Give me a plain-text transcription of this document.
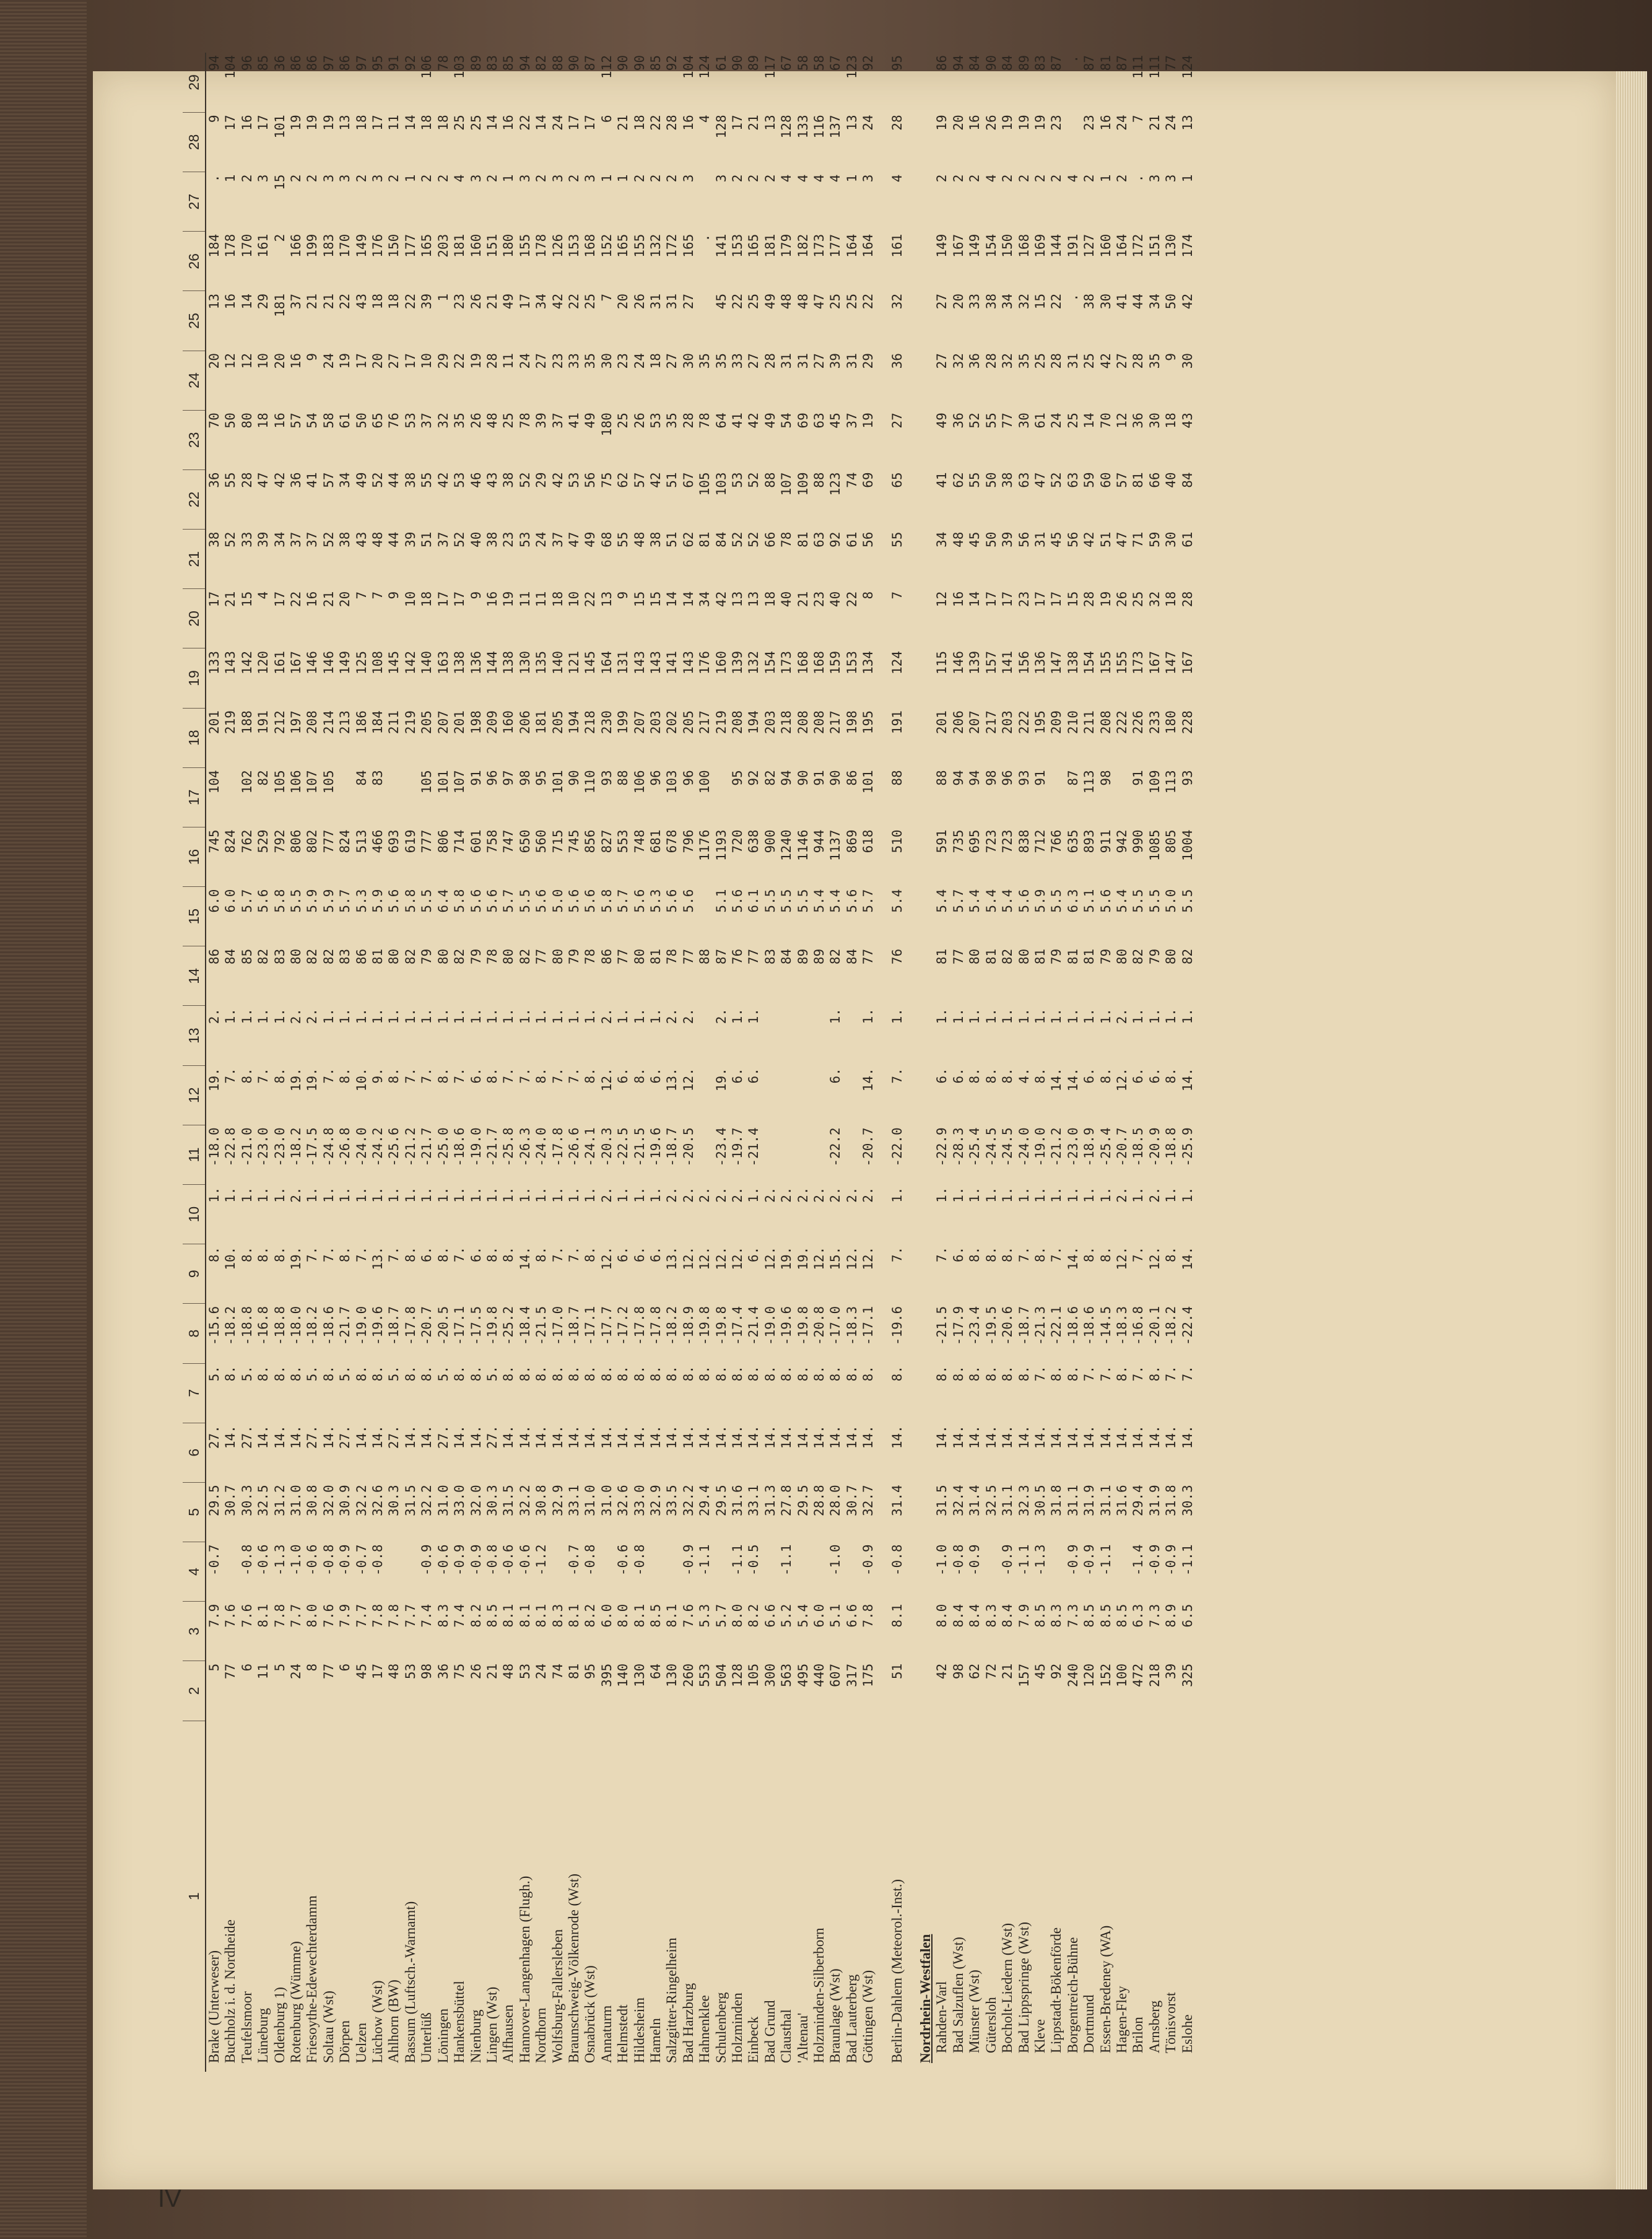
1	2	3	4	5	6	7	8	9	10	11	12	13	14	15	16	17	18	19	20	21	22	23	24	25	26	27	28	29
Brake (Unterweser)	5	7.9	-0.7	29.5	27.	5.	-15.6	8.	1.	-18.0	19.	2.	86	6.0	745	104	201	133	17	38	36	70	20	13	184	.	9	94
Buchholz i. d. Nordheide	77	7.6		30.7	14.	8.	-18.2	10.	1.	-22.8	7.	1.	84	6.0	824		219	143	21	52	55	50	12	16	178	1	17	104
Teufelsmoor	6	7.6	-0.8	30.3	27.	5.	-18.8	8.	1.	-21.0	8.	1.	85	5.7	762	102	188	142	15	33	28	80	12	14	170	2	16	96
Lüneburg	11	8.1	-0.6	32.5	14.	8.	-16.8	8.	1.	-23.0	7.	1.	82	5.6	529	82	191	120	4	39	47	18	10	29	161	3	17	85
Oldenburg 1)	5	7.8	-1.3	31.2	14.	8.	-18.8	8.	1.	-23.0	8.	1.	83	5.8	792	105	212	161	17	34	42	16	20	181	2	15	101	36
Rotenburg (Wümme)	24	7.7	-1.0	31.0	14.	8.	-18.0	19.	2.	-18.2	19.	2.	80	5.5	806	106	197	167	22	37	36	57	16	37	166	2	19	86
Friesoythe-Edewechterdamm	8	8.0	-0.6	30.8	27.	5.	-18.2	7.	1.	-17.5	19.	2.	82	5.9	802	107	208	146	16	37	41	54	9	21	199	2	19	86
Soltau (Wst)	77	7.6	-0.8	32.0	14.	8.	-18.6	7.	1.	-24.8	7.	1.	82	5.9	777	105	214	146	21	52	57	58	24	21	183	3	19	97
Dörpen	6	7.9	-0.9	30.9	27.	5.	-21.7	8.	1.	-26.8	8.	1.	83	5.7	824		213	149	20	38	34	61	19	22	170	3	13	86
Uelzen	45	7.7	-0.7	32.2	14.	8.	-19.0	7.	1.	-24.0	10.	1.	86	5.3	513	84	186	125	7	43	49	50	17	43	149	2	18	97
Lüchow (Wst)	17	7.8	-0.8	32.6	14.	8.	-19.6	13.	1.	-24.2	9.	1.	81	5.9	466	83	184	108	7	48	52	65	20	18	176	3	17	95
Ahlhorn (BW)	48	7.8		30.3	27.	5.	-18.7	7.	1.	-25.6	8.	1.	80	5.6	693		211	145	9	44	44	76	27	18	150	2	11	91
Bassum (Luftsch.-Warnamt)	53	7.7		31.5	14.	8.	-17.8	8.	1.	-21.2	7.	1.	82	5.8	619		219	142	10	39	38	53	17	22	177	1	14	92
Unterlüß	98	7.4	-0.9	32.2	14.	8.	-20.7	6.	1.	-21.7	7.	1.	79	5.5	777	105	205	140	18	51	55	37	10	39	165	2	18	106
Löningen	36	8.3	-0.6	31.0	27.	5.	-20.5	8.	1.	-25.0	8.	1.	80	6.4	806	101	207	163	17	37	42	32	29	1	203	2	18	78
Hankensbüttel	75	7.4	-0.9	33.0	14.	8.	-17.1	7.	1.	-18.6	7.	1.	82	5.8	714	107	201	138	17	52	53	35	22	23	181	4	25	103
Nienburg	26	8.2	-0.9	32.0	14.	8.	-17.5	6.	1.	-19.0	6.	1.	79	5.6	601	91	198	136	9	40	46	26	19	26	160	3	25	89
Lingen (Wst)	21	8.5	-0.8	30.3	27.	5.	-19.8	8.	1.	-21.7	8.	1.	78	5.6	758	96	209	144	16	38	43	48	28	21	151	2	14	83
Alfhausen	48	8.1	-0.6	31.5	14.	8.	-25.2	8.	1.	-25.8	7.	1.	80	5.7	747	97	160	138	19	23	38	25	11	49	180	1	16	85
Hannover-Langenhagen (Flugh.)	53	8.1	-0.6	32.2	14.	8.	-18.4	14.	1.	-26.3	7.	1.	82	5.5	650	98	206	130	11	53	52	78	24	17	155	3	22	94
Nordhorn	24	8.1	-1.2	30.8	14.	8.	-21.5	8.	1.	-24.0	8.	1.	77	5.6	560	95	181	135	11	24	29	39	27	34	178	2	14	82
Wolfsburg-Fallersleben	74	8.3		32.9	14.	8.	-17.0	7.	1.	-17.8	7.	1.	80	5.0	715	101	205	140	18	37	42	37	23	42	126	3	24	88
Braunschweig-Völkenrode (Wst)	81	8.1	-0.7	33.1	14.	8.	-18.7	7.	1.	-26.6	7.	1.	79	5.6	745	90	194	121	10	47	53	41	33	22	153	2	17	90
Osnabrück (Wst)	95	8.2	-0.8	31.0	14.	8.	-17.1	8.	1.	-24.1	8.	1.	78	5.6	856	110	218	145	22	49	56	49	35	25	168	3	17	87
Annaturm	395	6.0		31.0	14.	8.	-17.7	12.	2.	-20.3	12.	2.	86	5.8	827	93	230	164	13	68	75	180	30	7	152	1	6	112
Helmstedt	140	8.0	-0.6	32.6	14.	8.	-17.2	6.	1.	-22.5	6.	1.	77	5.7	553	88	199	131	9	55	62	25	23	20	165	1	21	90
Hildesheim	130	8.1	-0.8	33.0	14.	8.	-17.8	6.	1.	-21.5	8.	1.	80	5.6	748	106	207	143	15	48	57	26	24	26	155	2	18	90
Hameln	64	8.5		32.9	14.	8.	-17.8	6.	1.	-19.6	6.	1.	81	5.3	681	96	203	143	15	38	42	53	18	31	132	2	22	85
Salzgitter-Ringelheim	130	8.1		33.5	14.	8.	-18.2	13.	2.	-18.7	13.	2.	78	5.6	678	103	202	141	14	51	51	35	27	31	172	2	28	92
Bad Harzburg	260	7.6	-0.9	32.2	14.	8.	-18.9	12.	2.	-20.5	12.	2.	77	5.6	796	96	205	143	14	62	67	28	30	27	165	3	16	104
Hahnenklee	553	5.3	-1.1	29.4	14.	8.	-19.8	12.	2.				88		1176	100	217	176	34	81	105	78	35		.		4	124
Schulenberg	504	5.7		29.5	14.	8.	-19.8	12.	2.	-23.4	19.	2.	87	5.1	1193		219	160	42	84	103	64	35	45	141	3	128	61
Holzminden	128	8.0	-1.1	31.6	14.	8.	-17.4	12.	2.	-19.7	6.	1.	76	5.6	720	95	208	139	13	52	53	41	33	22	153	2	17	90
Einbeck	105	8.2	-0.5	33.1	14.	8.	-21.4	6.	1.	-21.4	6.	1.	77	6.1	638	92	194	132	13	52	52	42	27	25	165	2	21	89
Bad Grund	300	6.6		31.3	14.	8.	-19.0	12.	2.				83	5.5	900	82	203	154	18	66	88	49	28	49	181	2	13	117
Clausthal	563	5.2	-1.1	27.8	14.	8.	-19.6	19.	2.				84	5.5	1240	94	218	173	40	78	107	54	31	48	179	4	128	67
'Altenau'	495	5.4		29.5	14.	8.	-19.8	19.	2.				89	5.5	1146	90	208	168	21	81	109	69	31	48	182	4	133	58
Holzminden-Silberborn	440	6.0		28.8	14.	8.	-20.8	12.	2.				89	5.4	944	91	208	168	23	63	88	63	27	47	173	4	116	58
Braunlage (Wst)	607	5.1	-1.0	28.0	14.	8.	-17.0	15.	2.	-22.2	6.	1.	82	5.4	1137	90	217	159	40	92	123	45	39	25	177	4	137	67
Bad Lauterberg	317	6.6		30.7	14.	8.	-18.3	12.	2.				84	5.6	869	86	198	153	22	61	74	37	31	25	164	1	13	123
Göttingen (Wst)	175	7.8	-0.9	32.7	14.	8.	-17.1	12.	2.	-20.7	14.	1.	77	5.7	618	101	195	134	8	56	69	19	29	22	164	3	24	92

Berlin-Dahlem (Meteorol.-Inst.)	51	8.1	-0.8	31.4	14.	8.	-19.6	7.	1.	-22.0	7.	1.	76	5.4	510	88	191	124	7	55	65	27	36	32	161	4	28	95

Nordrhein-Westfalen																												
Rahden-Varl	42	8.0	-1.0	31.5	14.	8.	-21.5	7.	1.	-22.9	6.	1.	81	5.4	591	88	201	115	12	34	41	49	27	27	149	2	19	86
Bad Salzuflen (Wst)	98	8.4	-0.8	32.4	14.	8.	-17.9	6.	1.	-28.3	6.	1.	77	5.7	735	94	206	146	16	48	62	36	32	20	167	2	20	94
Münster (Wst)	62	8.4	-0.9	31.4	14.	8.	-23.4	8.	1.	-25.4	8.	1.	80	5.4	695	94	207	139	14	45	55	52	36	33	149	2	16	84
Gütersloh	72	8.3		32.5	14.	8.	-19.5	8.	1.	-24.5	8.	1.	81	5.4	723	98	217	157	17	50	50	55	28	38	154	4	26	90
Bocholt-Liedern (Wst)	21	8.4	-0.9	31.1	14.	8.	-20.6	8.	1.	-24.5	8.	1.	82	5.4	723	96	203	141	17	39	38	77	32	34	150	2	19	84
Bad Lippspringe (Wst)	157	7.9	-1.1	32.3	14.	8.	-18.7	7.	1.	-24.0	4.	1.	80	5.6	838	93	222	156	23	56	63	30	35	32	168	2	19	89
Kleve	45	8.5	-1.3	30.5	14.	7.	-21.3	8.	1.	-19.0	8.	1.	81	5.9	712	91	195	136	17	31	47	61	25	15	169	2	19	83
Lippstadt-Bökenförde	92	8.3		31.8	14.	8.	-22.1	7.	1.	-21.2	14.	1.	79	5.5	766		209	147	17	45	52	24	28	22	144	2	23	87
Borgentreich-Bühne	240	7.3	-0.9	31.1	14.	8.	-18.6	14.	1.	-23.0	14.	1.	81	6.3	635	87	210	138	15	56	63	25	31	.	191	4		.
Dortmund	120	8.5	-0.9	31.9	14.	7.	-18.6	8.	1.	-18.9	6.	1.	81	5.1	893	113	211	154	28	42	59	14	25	38	127	2	23	87
Essen-Bredeney (WA)	152	8.5	-1.1	31.1	14.	7.	-14.5	8.	1.	-25.4	8.	1.	79	5.6	911	98	208	155	19	51	60	70	42	30	160	1	16	81
Hagen-Fley	100	8.5		31.6	14.	8.	-18.3	12.	2.	-20.7	12.	2.	80	5.4	942		222	155	26	47	57	12	27	41	164	2	24	87
Brilon	472	6.3	-1.4	29.4	14.	7.	-16.8	7.	1.	-18.5	6.	1.	82	5.5	990	91	226	173	25	71	81	36	28	44	172	.	7	111
Arnsberg	218	7.3	-0.9	31.9	14.	8.	-20.1	12.	2.	-20.9	6.	1.	79	5.5	1085	109	233	167	32	59	66	30	35	34	151	3	21	111
Tönisvorst	39	8.9	-0.9	31.8	14.	7.	-18.2	8.	1.	-18.8	8.	1.	80	5.0	805	113	180	147	18	30	40	18	9	50	130	3	24	77
Eslohe	325	6.5	-1.1	30.3	14.	7.	-22.4	14.	1.	-25.9	14.	1.	82	5.5	1004	93	228	167	28	61	84	43	30	42	174	1	13	124
IV
